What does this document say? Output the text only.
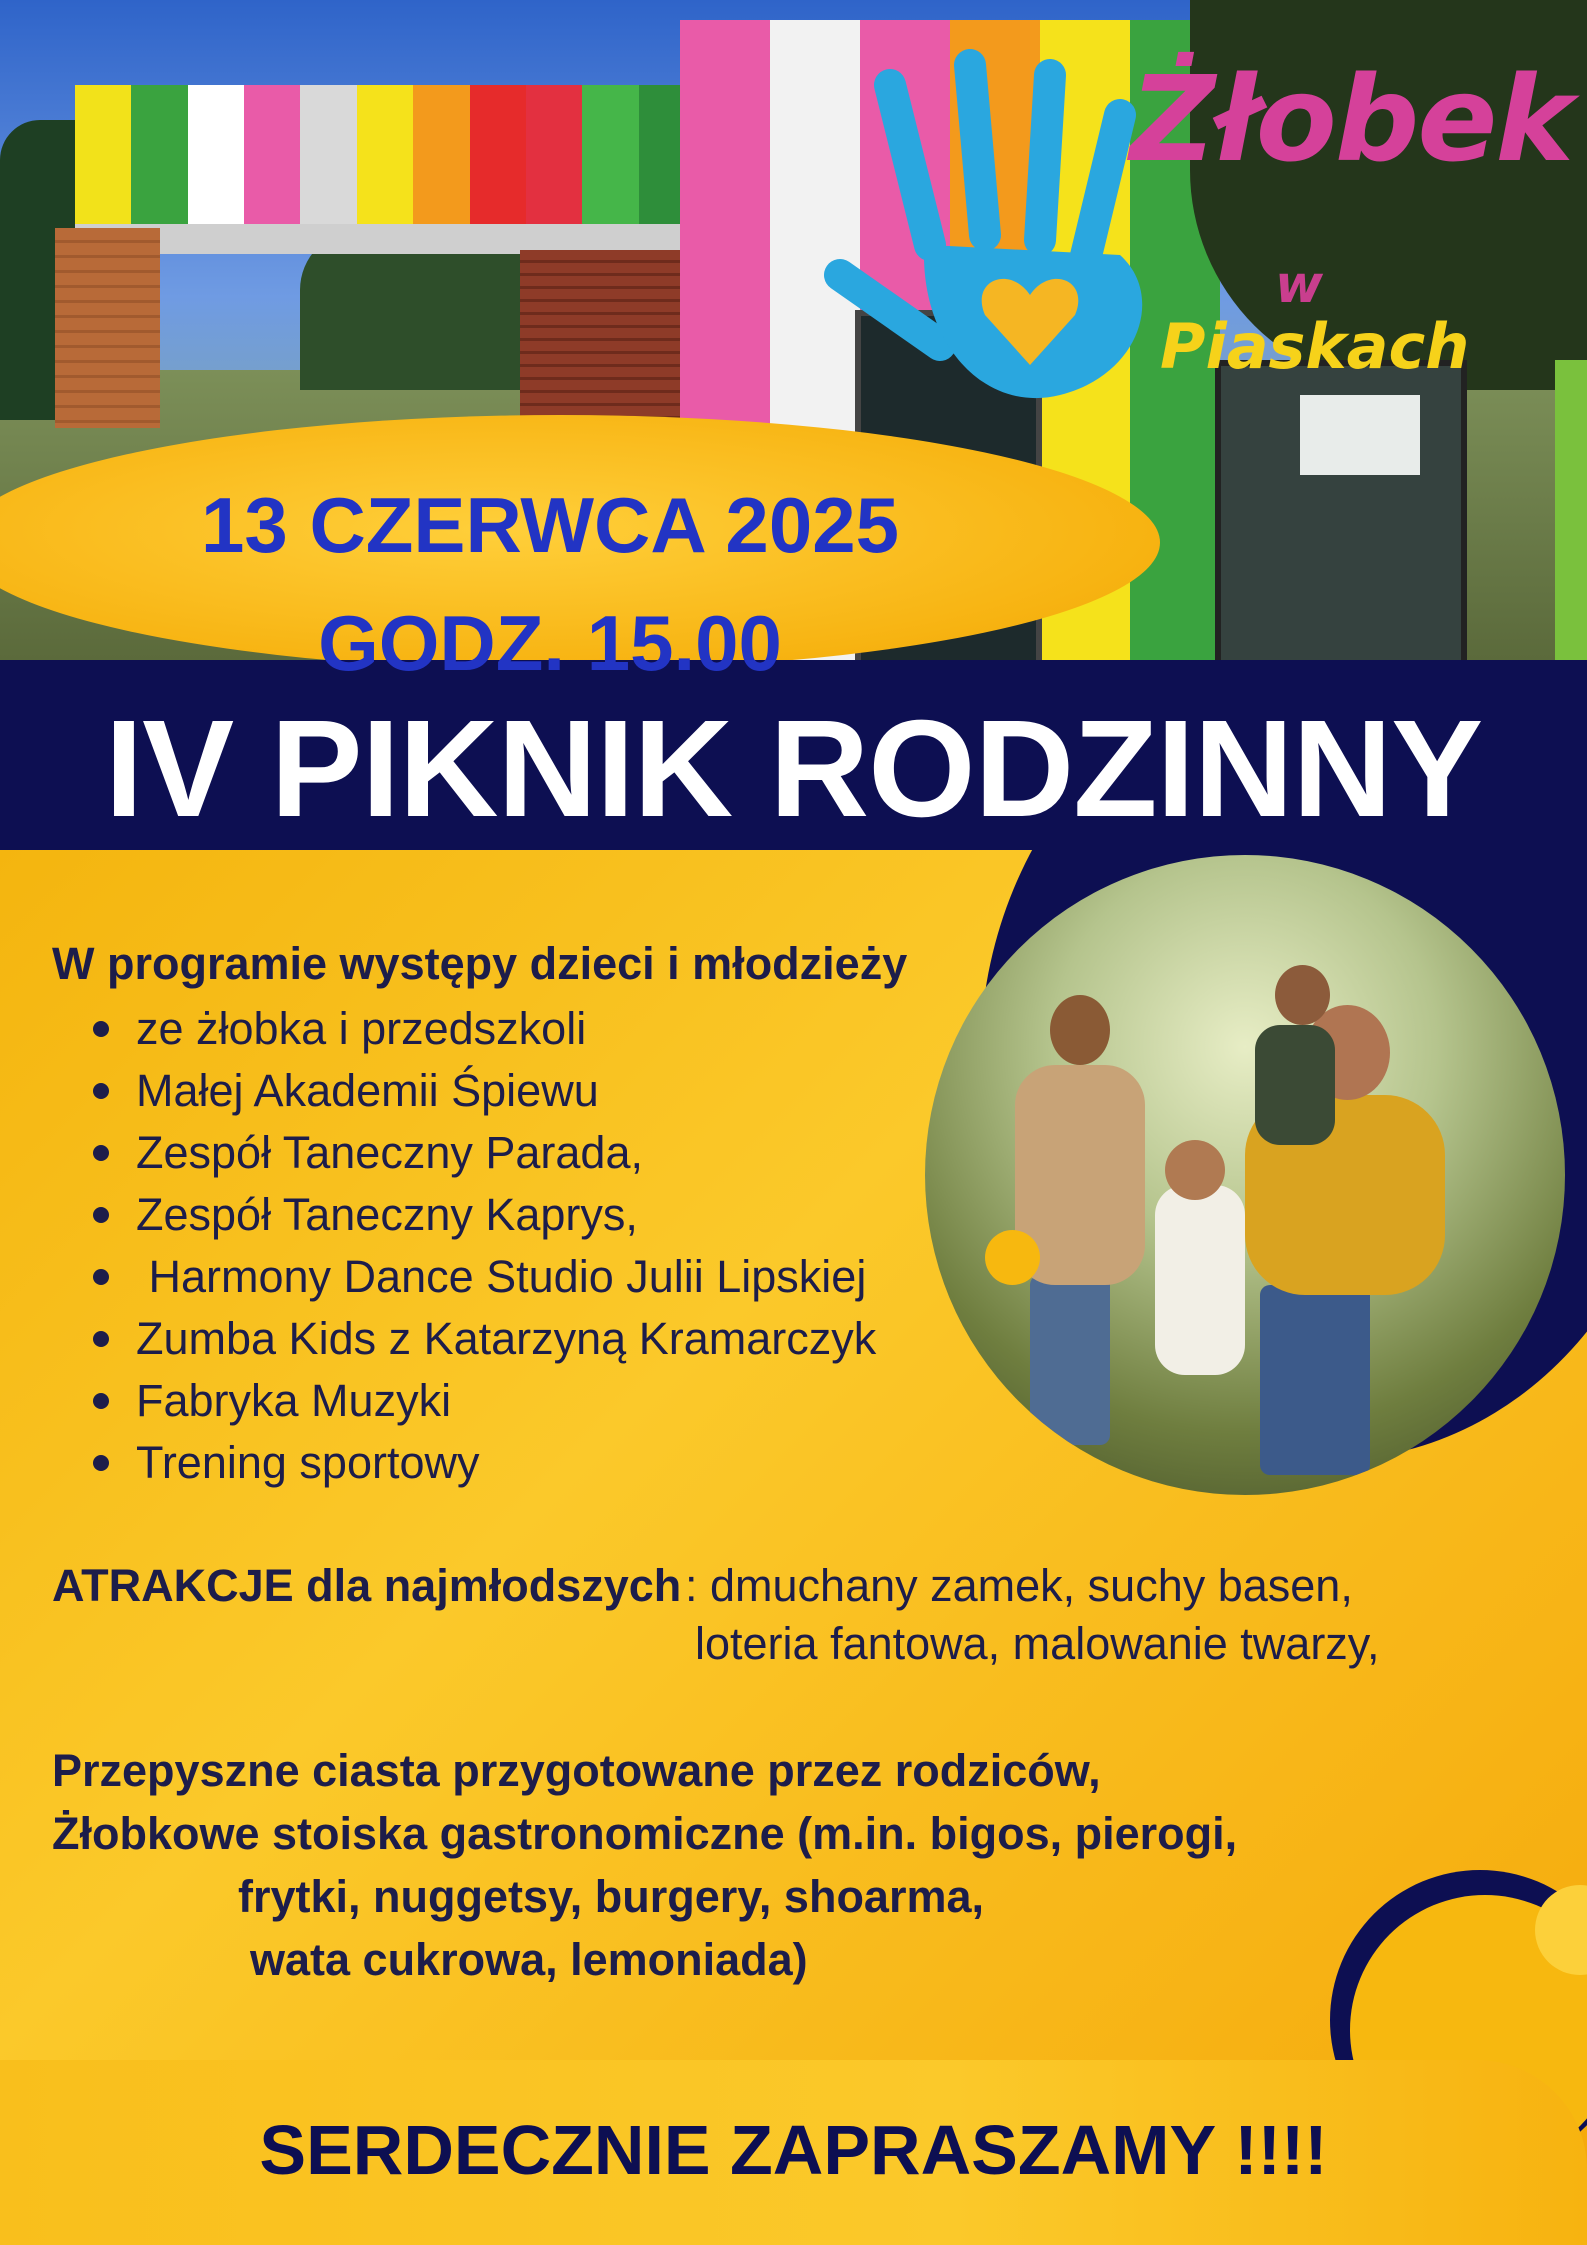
Żłobek
w
Piaskach
13 CZERWCA 2025
GODZ. 15.00
IV PIKNIK RODZINNY
W programie występy dzieci i młodzieży
ze żłobka i przedszkoli
Małej Akademii Śpiewu
Zespół Taneczny Parada,
Zespół Taneczny Kaprys,
Harmony Dance Studio Julii Lipskiej
Zumba Kids z Katarzyną Kramarczyk
Fabryka Muzyki
Trening sportowy
ATRAKCJE dla najmłodszych : dmuchany zamek, suchy basen,
loteria fantowa, malowanie twarzy,
Przepyszne ciasta przygotowane przez rodziców,
Żłobkowe stoiska gastronomiczne (m.in. bigos, pierogi,
frytki, nuggetsy, burgery, shoarma,
wata cukrowa, lemoniada)
SERDECZNIE ZAPRASZAMY !!!!
